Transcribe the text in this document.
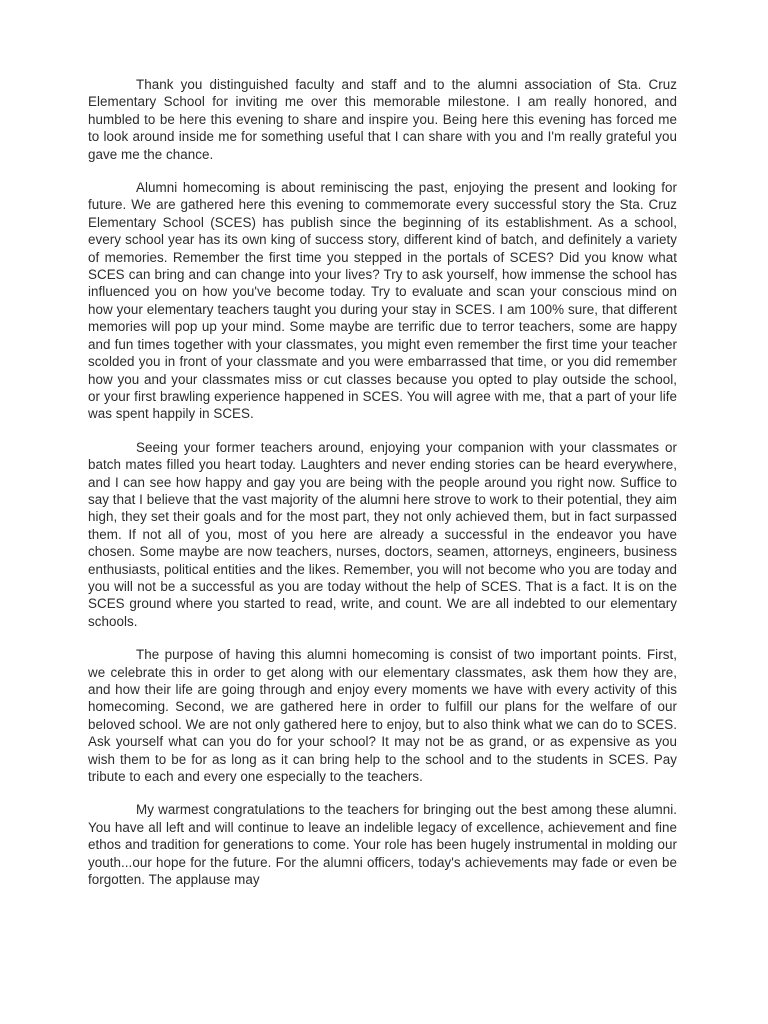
Thank you distinguished faculty and staff and to the alumni association of Sta. Cruz Elementary School for inviting me over this memorable milestone. I am really honored, and humbled to be here this evening to share and inspire you. Being here this evening has forced me to look around inside me for something useful that I can share with you and I'm really grateful you gave me the chance.

Alumni homecoming is about reminiscing the past, enjoying the present and looking for future. We are gathered here this evening to commemorate every successful story the Sta. Cruz Elementary School (SCES) has publish since the beginning of its establishment. As a school, every school year has its own king of success story, different kind of batch, and definitely a variety of memories. Remember the first time you stepped in the portals of SCES? Did you know what SCES can bring and can change into your lives? Try to ask yourself, how immense the school has influenced you on how you've become today. Try to evaluate and scan your conscious mind on how your elementary teachers taught you during your stay in SCES. I am 100% sure, that different memories will pop up your mind. Some maybe are terrific due to terror teachers, some are happy and fun times together with your classmates, you might even remember the first time your teacher scolded you in front of your classmate and you were embarrassed that time, or you did remember how you and your classmates miss or cut classes because you opted to play outside the school, or your first brawling experience happened in SCES. You will agree with me, that a part of your life was spent happily in SCES.

Seeing your former teachers around, enjoying your companion with your classmates or batch mates filled you heart today. Laughters and never ending stories can be heard everywhere, and I can see how happy and gay you are being with the people around you right now. Suffice to say that I believe that the vast majority of the alumni here strove to work to their potential, they aim high, they set their goals and for the most part, they not only achieved them, but in fact surpassed them. If not all of you, most of you here are already a successful in the endeavor you have chosen. Some maybe are now teachers, nurses, doctors, seamen, attorneys, engineers, business enthusiasts, political entities and the likes. Remember, you will not become who you are today and you will not be a successful as you are today without the help of SCES. That is a fact. It is on the SCES ground where you started to read, write, and count. We are all indebted to our elementary schools.

The purpose of having this alumni homecoming is consist of two important points. First, we celebrate this in order to get along with our elementary classmates, ask them how they are, and how their life are going through and enjoy every moments we have with every activity of this homecoming. Second, we are gathered here in order to fulfill our plans for the welfare of our beloved school. We are not only gathered here to enjoy, but to also think what we can do to SCES. Ask yourself what can you do for your school? It may not be as grand, or as expensive as you wish them to be for as long as it can bring help to the school and to the students in SCES. Pay tribute to each and every one especially to the teachers.

My warmest congratulations to the teachers for bringing out the best among these alumni. You have all left and will continue to leave an indelible legacy of excellence, achievement and fine ethos and tradition for generations to come. Your role has been hugely instrumental in molding our youth...our hope for the future. For the alumni officers, today's achievements may fade or even be forgotten. The applause may
